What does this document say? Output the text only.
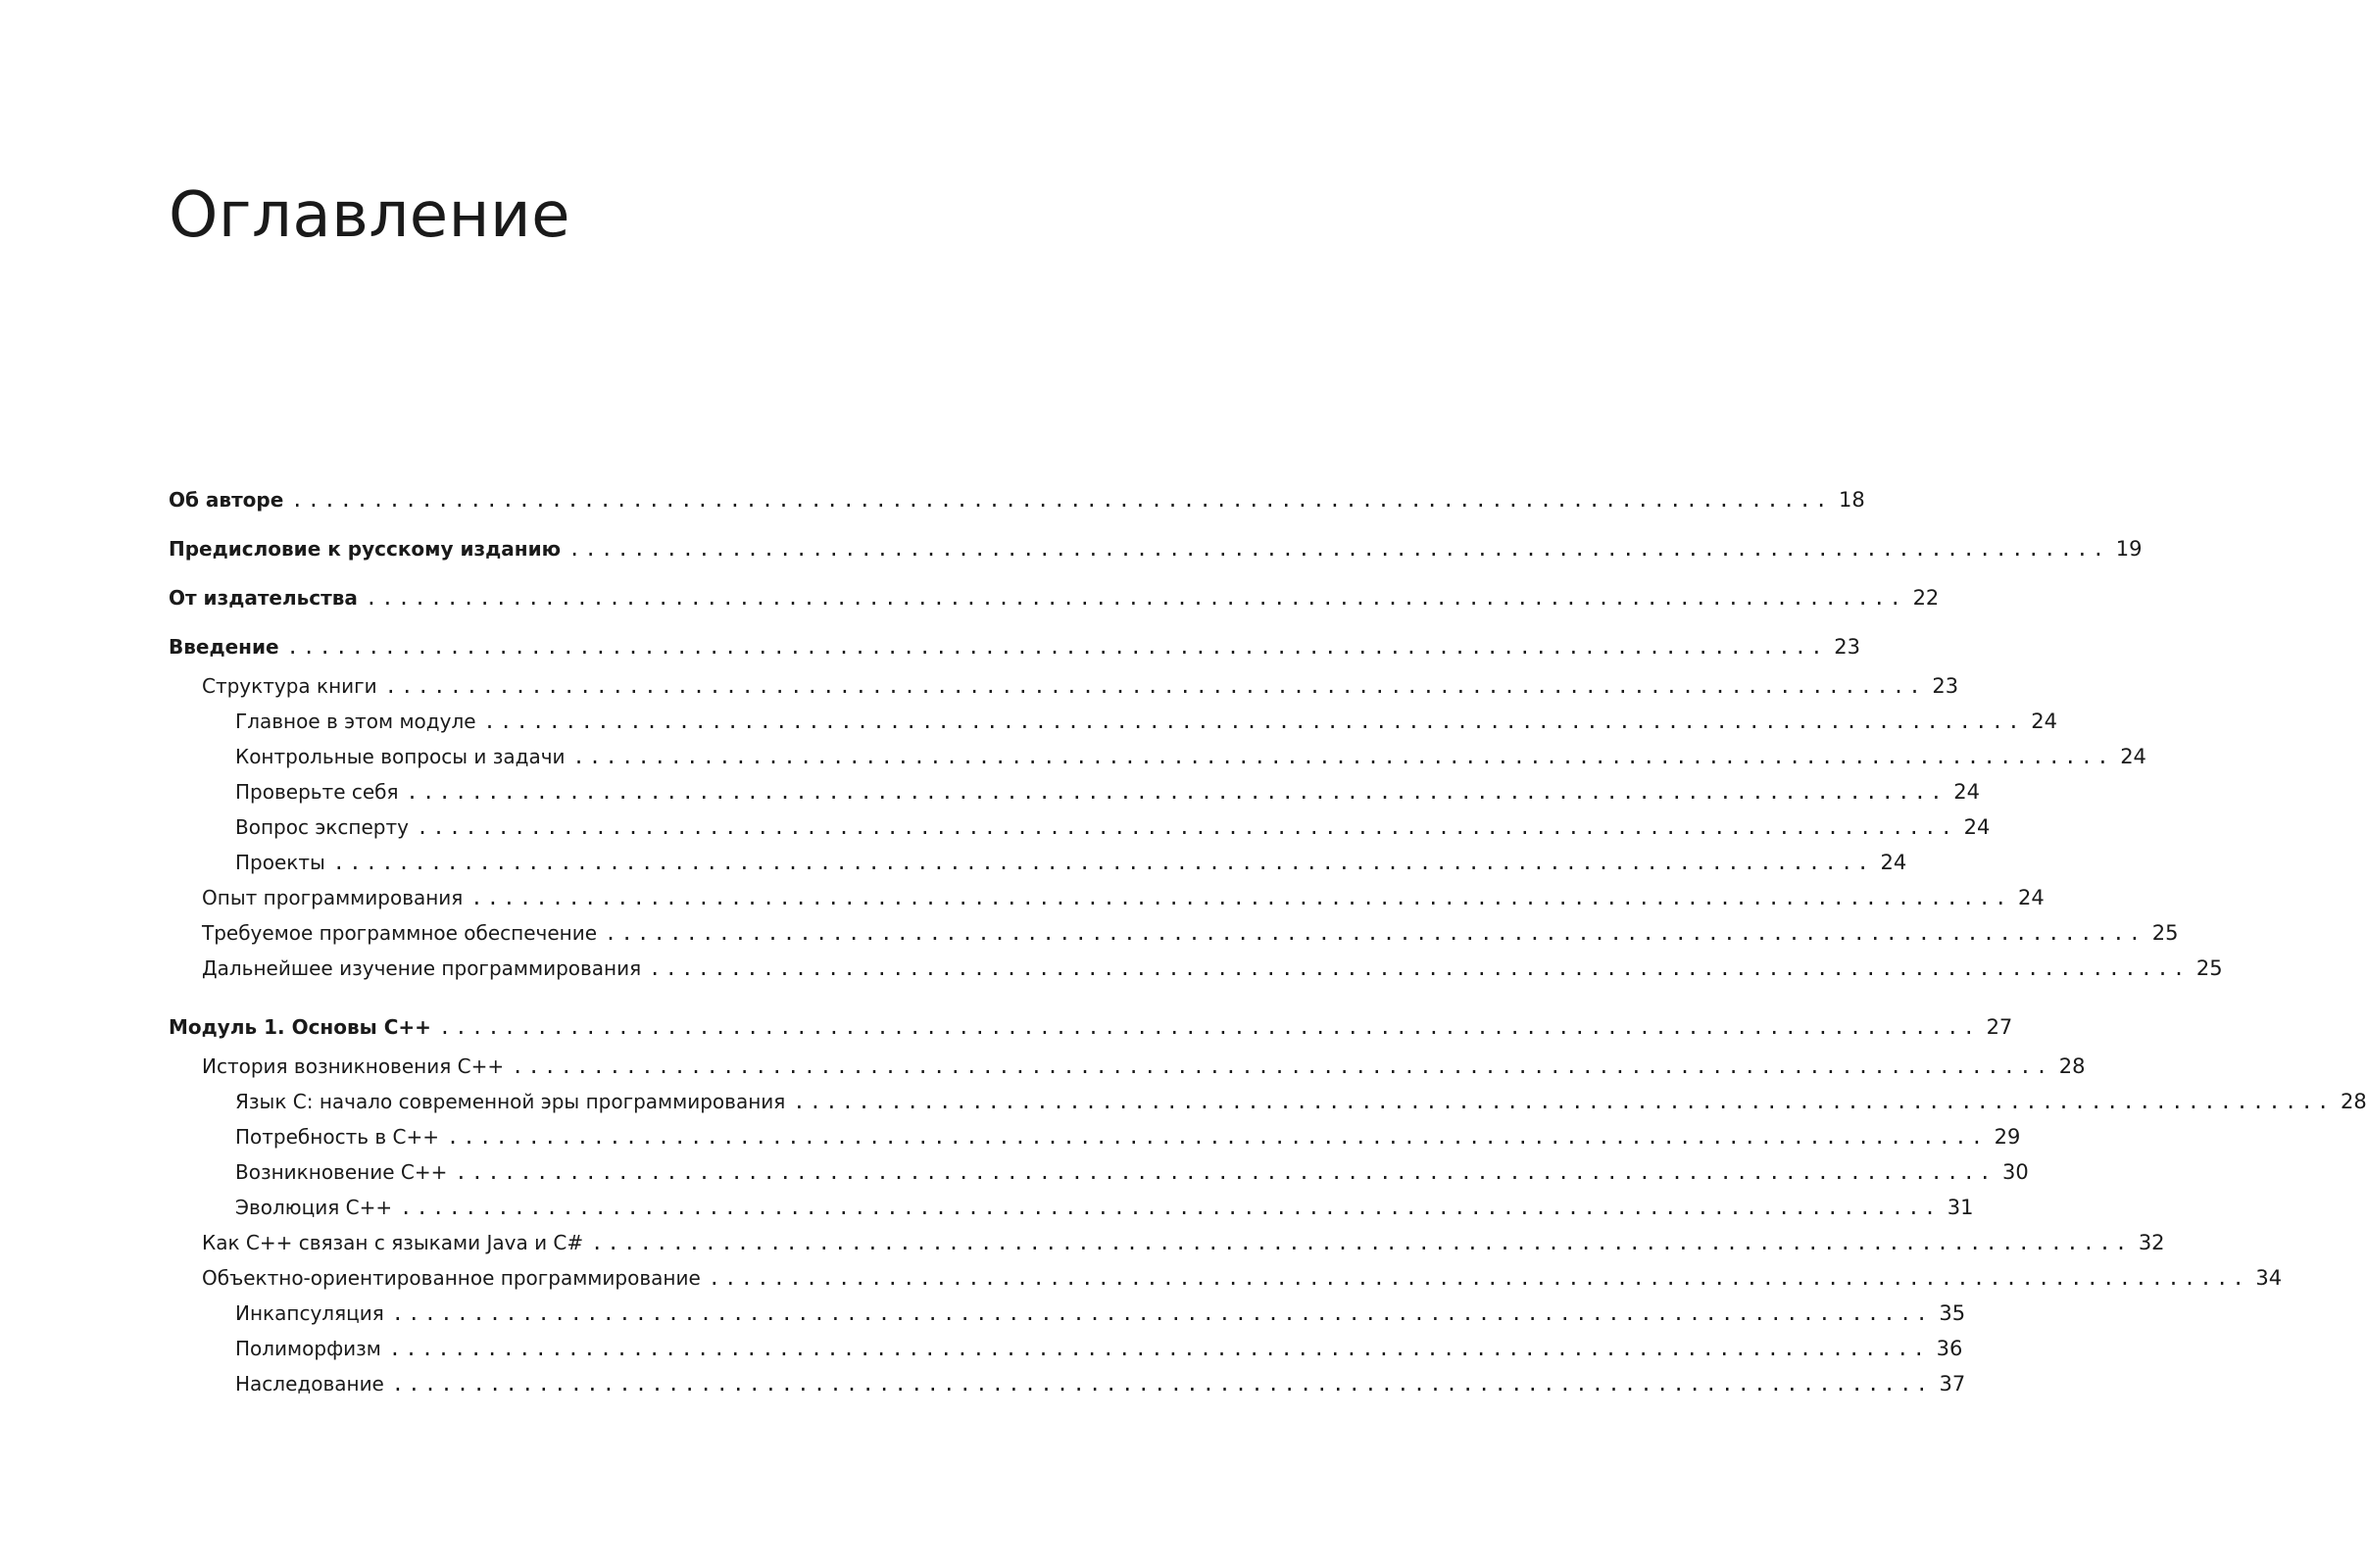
Оглавление
Об авторе ............................................................................................... 18
Предисловие к русскому изданию ............................................................................................... 19
От издательства ............................................................................................... 22
Введение ............................................................................................... 23
Структура книги ............................................................................................... 23
Главное в этом модуле ............................................................................................... 24
Контрольные вопросы и задачи ............................................................................................... 24
Проверьте себя ............................................................................................... 24
Вопрос эксперту ............................................................................................... 24
Проекты ............................................................................................... 24
Опыт программирования ............................................................................................... 24
Требуемое программное обеспечение ............................................................................................... 25
Дальнейшее изучение программирования ............................................................................................... 25
Модуль 1. Основы C++ ............................................................................................... 27
История возникновения C++ ............................................................................................... 28
Язык С: начало современной эры программирования ............................................................................................... 28
Потребность в C++ ............................................................................................... 29
Возникновение C++ ............................................................................................... 30
Эволюция C++ ............................................................................................... 31
Как C++ связан с языками Java и C# ............................................................................................... 32
Объектно-ориентированное программирование ............................................................................................... 34
Инкапсуляция ............................................................................................... 35
Полиморфизм ............................................................................................... 36
Наследование ............................................................................................... 37
